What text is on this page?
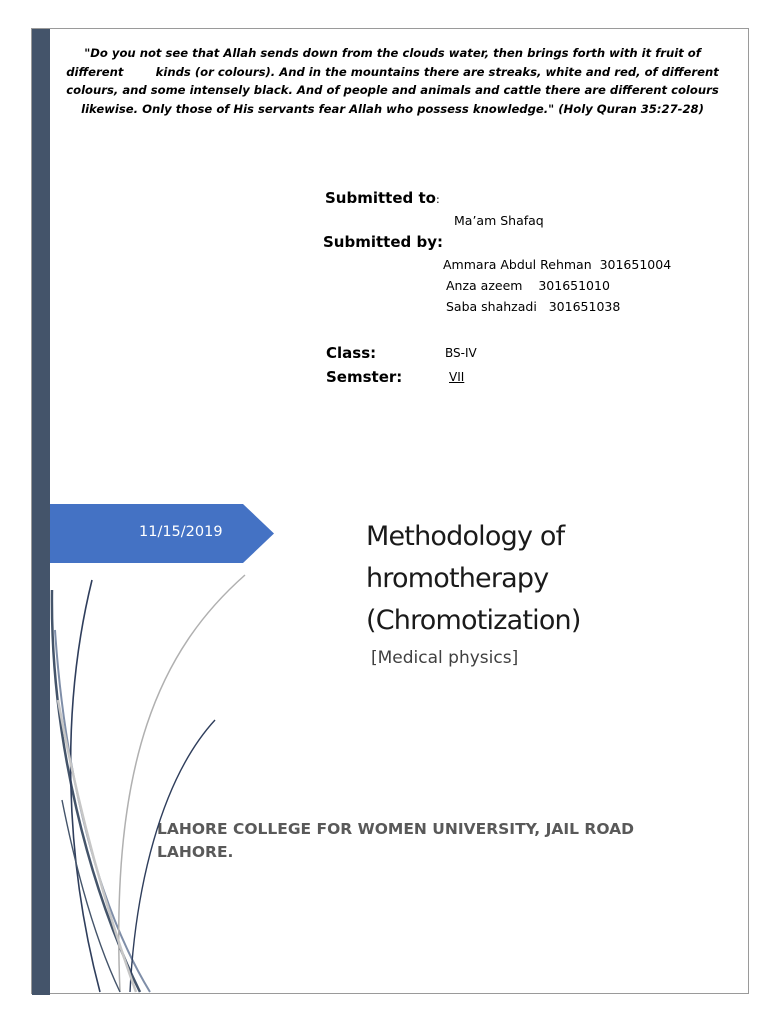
"Do you not see that Allah sends down from the clouds water, then brings forth with it fruit of
different        kinds (or colours). And in the mountains there are streaks, white and red, of different
colours, and some intensely black. And of people and animals and cattle there are different colours
likewise. Only those of His servants fear Allah who possess knowledge." (Holy Quran 35:27-28)
Submitted to:
Ma’am Shafaq
Submitted by:
Ammara Abdul Rehman  301651004
Anza azeem    301651010
Saba shahzadi   301651038
Class:	BS-IV
Semster:	VII
11/15/2019	Methodology of
hromotherapy
(Chromotization)
[Medical physics]
LAHORE COLLEGE FOR WOMEN UNIVERSITY, JAIL ROAD
LAHORE.
